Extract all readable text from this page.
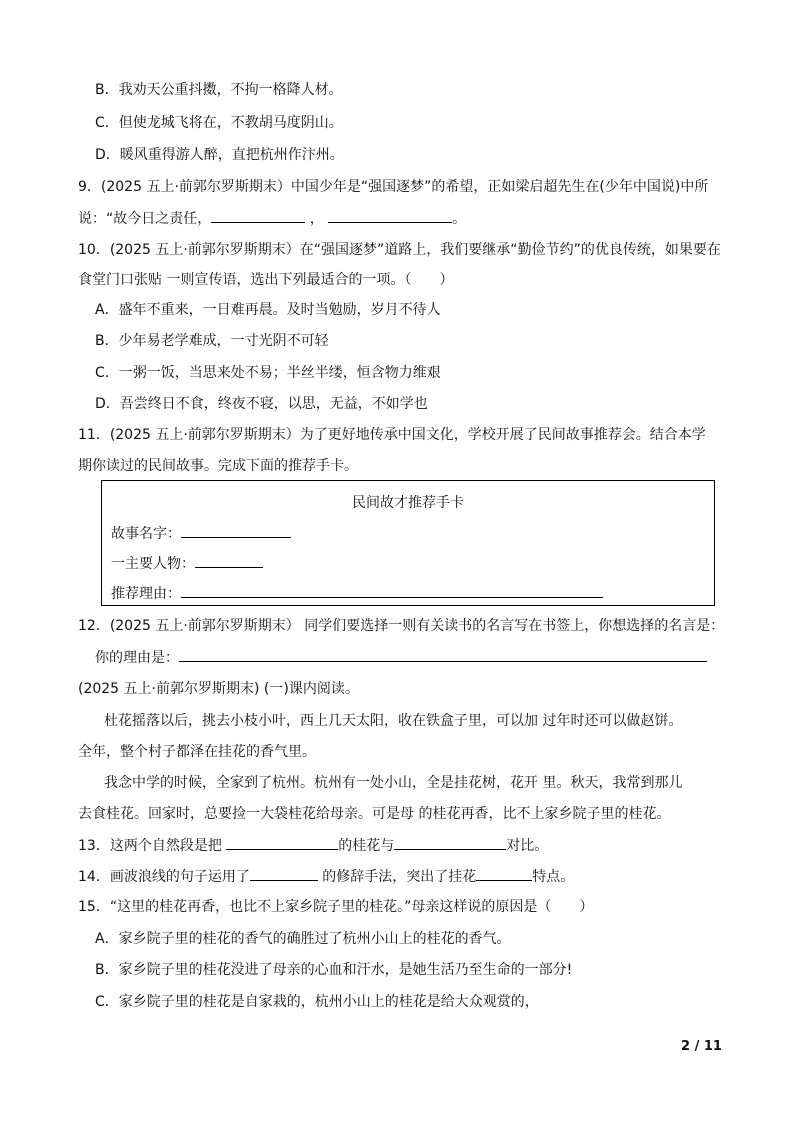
B．我劝天公重抖擞，不拘一格降人材。
C．但使龙城飞将在，不教胡马度阴山。
D．暖风重得游人醉，直把杭州作汴州。
9．(2025 五上·前郭尔罗斯期末）中国少年是“强国逐梦”的希望，正如梁启超先生在(少年中国说)中所
说：“故今日之责任，	，	。
10．(2025 五上·前郭尔罗斯期末）在“强国逐梦”道路上，我们要继承“勤俭节约”的优良传统，如果要在
食堂门口张贴 一则宣传语，选出下列最适合的一项。（　　）
A．盛年不重来，一日难再晨。及时当勉励，岁月不待人
B．少年易老学难成，一寸光阴不可轻
C．一粥一饭，当思来处不易；半丝半缕，恒含物力维艰
D．吾尝终日不食，终夜不寝，以思，无益，不如学也
11．(2025 五上·前郭尔罗斯期末）为了更好地传承中国文化，学校开展了民间故事推荐会。结合本学
期你读过的民间故事。完成下面的推荐手卡。
民间故才推荐手卡
故事名字：
一主要人物：
推荐理由：
12．(2025 五上·前郭尔罗斯期末） 同学们要选择一则有关读书的名言写在书签上，你想选择的名言是：
你的理由是：
(2025 五上·前郭尔罗斯期末) (一)课内阅读。
杜花摇落以后，挑去小枝小叶，西上几天太阳，收在铁盒子里，可以加 过年时还可以做赵饼。
全年，整个村子都泽在挂花的香气里。
我念中学的时候，全家到了杭州。杭州有一处小山，全是挂花树，花开 里。秋天，我常到那儿
去食桂花。回家时，总要捡一大袋桂花给母亲。可是母 的桂花再香，比不上家乡院子里的桂花。
13．这两个自然段是把	的桂花与	对比。
14．画波浪线的句子运用了	的修辞手法，突出了挂花	特点。
15．“这里的桂花再香，也比不上家乡院子里的桂花。”母亲这样说的原因是（　　）
A．家乡院子里的桂花的香气的确胜过了杭州小山上的桂花的香气。
B．家乡院子里的桂花没进了母亲的心血和汗水，是她生活乃至生命的一部分!
C．家乡院子里的桂花是自家栽的，杭州小山上的桂花是给大众观赏的，
2 / 11
